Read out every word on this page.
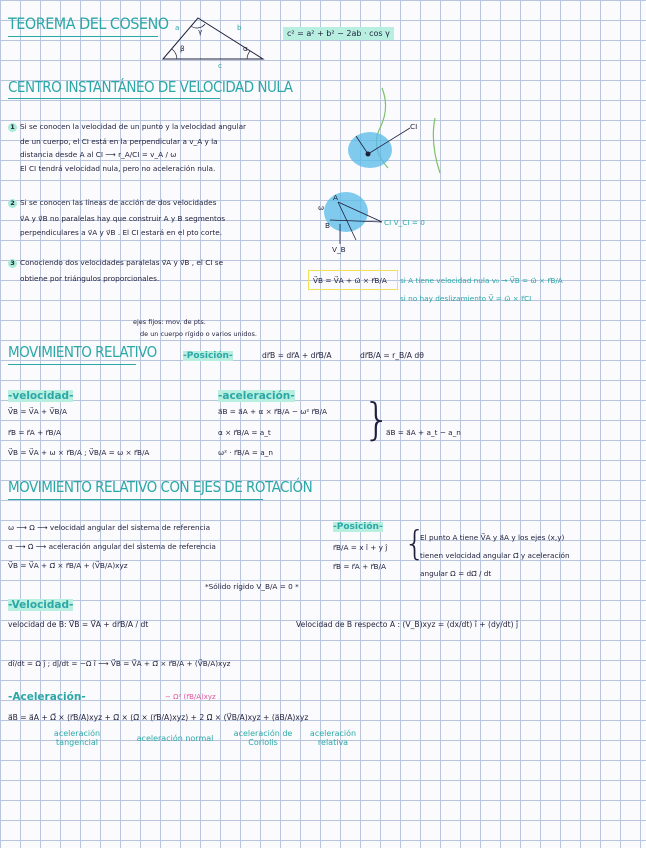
TEOREMA DEL COSENO a	b
c
β
γ
α
c² = a² + b² − 2ab · cos γ
CENTRO INSTANTÁNEO DE VELOCIDAD NULA
1 Si se conocen la velocidad de un punto y la velocidad angular
de un cuerpo, el CI está en la perpendicular a v_A y la
distancia desde A al CI ⟶ r_A/CI = v_A / ω
El CI tendrá velocidad nula, pero no aceleración nula.
2 Si se conocen las líneas de acción de dos velocidades
v⃗A y v⃗B no paralelas hay que construir A y B segmentos
perpendiculares a v⃗A y v⃗B . El CI estará en el pto corte.
3 Conociendo dos velocidades paralelas v⃗A y v⃗B , el CI se
obtiene por triángulos proporcionales.
CI
A
B
ω
CI V_CI = 0
V_B
V⃗B = V⃗A + ω⃗ × r⃗B/A si A tiene velocidad nula v₀ → V⃗B = ω⃗ × r⃗B/A
si no hay deslizamiento V⃗ = ω⃗ × r⃗CI
ejes fijos: mov. de pts.
de un cuerpo rígido o varios unidos.
MOVIMIENTO RELATIVO	-Posición-	dr⃗B = dr⃗A + dr⃗B/A	dr⃗B/A = r_B/A dθ
-velocidad-
V⃗B = V⃗A + V⃗B/A
r⃗B = r⃗A + r⃗B/A
V⃗B = V⃗A + ω × r⃗B/A ; V⃗B/A = ω × r⃗B/A
-aceleración-
a⃗B = a⃗A + α × r⃗B/A − ω² r⃗B/A
α × r⃗B/A = a_t
ω² · r⃗B/A = a_n
}
a⃗B = a⃗A + a_t − a_n
MOVIMIENTO RELATIVO CON EJES DE ROTACIÓN
ω ⟶ Ω ⟶ velocidad angular del sistema de referencia
α ⟶ Ω̇ ⟶ aceleración angular del sistema de referencia
V⃗B = V⃗A + Ω⃗ × r⃗B/A + (V⃗B/A)xyz
-Posición-
r⃗B/A = x ı̂ + y ȷ̂
r⃗B = r⃗A + r⃗B/A
{
El punto A tiene V⃗A y a⃗A y los ejes (x,y)
tienen velocidad angular Ω⃗ y aceleración
angular Ω̇ = dΩ⃗ / dt
*Sólido rígido V_B/A = 0 *
-Velocidad-
velocidad de B: V⃗B = V⃗A + dr⃗B/A / dt	Velocidad de B respecto A : (V_B)xyz = (dx/dt) ı̂ + (dy/dt) ȷ̂
dı̂/dt = Ω ȷ̂ ; dȷ̂/dt = −Ω ı̂ ⟶ V⃗B = V⃗A + Ω⃗ × r⃗B/A + (V⃗B/A)xyz
-Aceleración-	− Ω² (r⃗B/A)xyz
a⃗B = a⃗A + Ω̇⃗ × (r⃗B/A)xyz + Ω⃗ × (Ω⃗ × (r⃗B/A)xyz) + 2 Ω⃗ × (V⃗B/A)xyz + (a⃗B/A)xyz
aceleración tangencial	aceleración normal
aceleración de Coriolis
aceleración relativa
